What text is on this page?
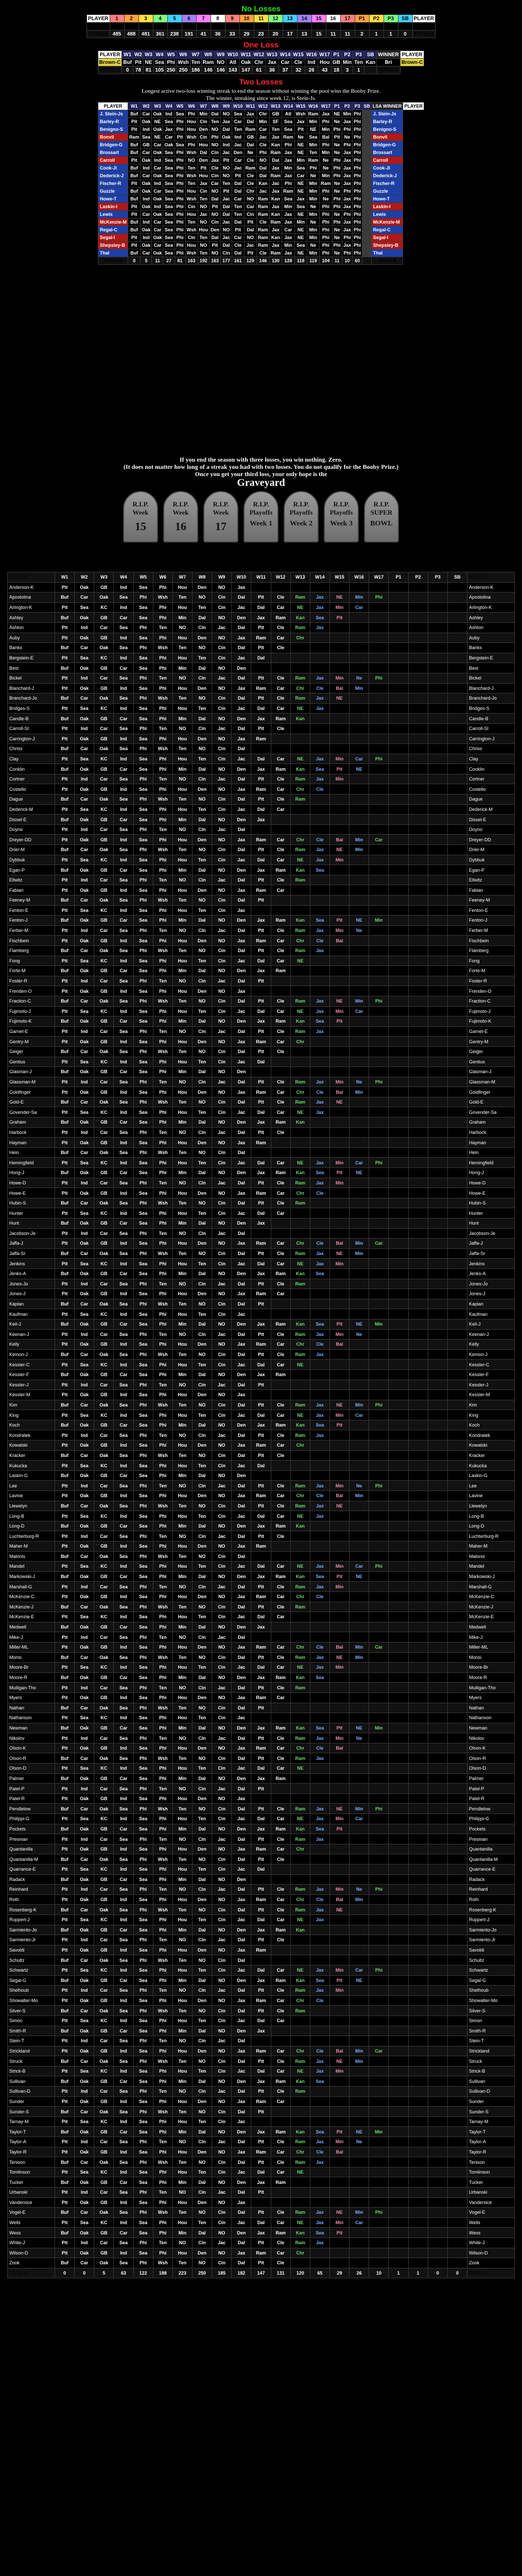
No Losses
PLAYER	1	2	3	4	5	6	7	8	9	10	11	12	13	14	15	16	17	P1	P2	P3	SB	PLAYER

TOTALS	485	488	481	361	238	191	41	36	33	29	23	20	17	13	15	11	11	2	1	1	0	TOTALS
One Loss
PLAYER	W1	W2	W3	W4	W5	W6	W7	W8	W9	W10	W11	W12	W13	W14	W15	W16	W17	P1	P2	P3	SB	WINNER	PLAYER
Brown-C	Buf	Pit	NE	Sea	Phi	Wsh	Ten	Ram	NO	Atl	Oak	Chr	Jax	Car	Cle	Ind	Hou	GB	Min	Ten	Kan	Bri	Brown-C
TOTALS	0	78	81	105	250	250	186	146	146	143	147	61	36	37	32	26	43	18	3	1		TOTALS	
Two Losses
Longest active two-loss winning streak to end the season without winning the pool wins the Booby Prize.
The winner, streaking since week 12, is Stein-Js.
PLAYER	W1	W2	W3	W4	W5	W6	W7	W8	W9	W10	W11	W12	W13	W14	W15	W16	W17	P1	P2	P3	SB	LSA WINNER	PLAYER
J. Stein-Js	Buf	Car	Oak	Ind	Sea	Phi	Min	Dal	NO	Sea	Jax	Chr	GB	Atl	Wsh	Ram	Jax	NE	Min	Phi		J. Stein-Js	
Barley-R	Pit	Oak	NE	Sea	Phi	Hou	Cin	Ten	Jax	Car	Dal	Min	SF	Sea	Jax	Min	Phi	Ne	Jax	Phi		Barley-R	
Benigno-S	Pit	Ind	Oak	Jax	Phi	Hou	Den	NO	Dal	Ten	Ram	Car	Ten	Sea	Pit	NE	Min	Phi	Phi	Phi		Benigno-S	
Bonvil	Ram	Sea	NE	Car	Pit	Wsh	Cin	Phi	Oak	Ind	GB	Jac	Jax	Ram	Ne	Sea	Bal	Pit	Ne	Phi		Bonvil	
Bridgen-G	Buf	GB	Car	Oak	Sea	Phi	Hou	NO	Ind	Jac	Dal	Cle	Kan	Phi	NE	Min	Phi	Ne	Phi	Phi		Bridgen-G	
Brossart	Buf	Car	Oak	Sea	Phi	Wsh	Dal	Cin	Jac	Den	Ne	Phi	Ram	Jax	NE	Ten	Min	Ne	Jax	Phi		Brossart	
Carroll	Pit	Oak	Ind	Sea	Phi	NO	Den	Jax	Pit	Car	Cle	NO	Dal	Jax	Min	Ram	Ne	Phi	Jax	Phi		Carroll	
Cook-Ji	Buf	Ind	Car	Sea	Phi	Ten	Pit	Cle	NO	Jac	Ram	Dal	Jax	Min	Sea	Phi	Ne	Phi	Jax	Phi		Cook-Ji	
Dederick-J	Buf	Car	Oak	Sea	Phi	Wsh	Hou	Cin	NO	Pit	Cle	Dal	Ram	Jax	Car	Ne	Min	Phi	Jax	Phi		Dederick-J	
Fischer-R	Pit	Oak	Ind	Sea	Phi	Ten	Jax	Car	Ten	Dal	Cle	Kan	Jac	Phi	NE	Min	Ram	Ne	Jax	Phi		Fischer-R	
Guzzle	Buf	Oak	Car	Sea	Phi	Hou	Cin	NO	Pit	Dal	Chr	Jac	Jax	Ram	NE	Min	Phi	Ne	Phi	Phi		Guzzle	
Howe-T	Buf	Ind	Oak	Sea	Phi	Wsh	Ten	Dal	Jac	Car	NO	Ram	Kan	Sea	Jax	Min	Ne	Phi	Jax	Phi		Howe-T	
Laskin-I	Pit	Oak	Ind	Sea	Phi	Cin	NO	Pit	Dal	Ten	Car	Ram	Jax	Min	Sea	Ne	Phi	Phi	Jax	Phi		Laskin-I	
Lewis	Pit	Car	Oak	Sea	Phi	Hou	Jac	NO	Dal	Ten	Cin	Ram	Kan	Jax	NE	Min	Phi	Ne	Phi	Phi		Lewis	
McKenzie-M	Buf	Ind	Car	Sea	Phi	Ten	NO	Cin	Jac	Dal	Pit	Cle	Ram	Jax	Min	Ne	Phi	Phi	Jax	Phi		McKenzie-M	
Regal-C	Buf	Oak	Car	Sea	Phi	Wsh	Hou	Den	NO	Pit	Dal	Ram	Jax	Car	NE	Min	Phi	Ne	Jax	Phi		Regal-C	
Segal-I	Pit	Ind	Oak	Sea	Phi	Cin	Ten	Dal	Jac	Car	NO	Ram	Kan	Jax	NE	Min	Phi	Ne	Phi	Phi		Segal-I	
Shepsley-B	Pit	Oak	Car	Sea	Phi	Hou	NO	Pit	Dal	Cle	Jac	Ram	Jax	Min	Sea	Ne	Phi	Phi	Jax	Phi		Shepsley-B	
Thal	Buf	Car	Oak	Sea	Phi	Wsh	Ten	NO	Cin	Dal	Pit	Cle	Ram	Jax	NE	Min	Phi	Ne	Phi	Phi		Thal	
TOTALS	0	5	11	27	81	163	192	163	177	161	129	146	130	128	118	119	104	11	10	60		TOTALS	
If you end the season with three losses, you win nothing. Zero.
(It does not matter how long of a streak you had with two losses. You do not qualify for the Booby Prize.)
Once you get your third loss, your only hope is the
Graveyard
R.I.P.
Week
15
R.I.P.
Week
16
R.I.P.
Week
17
R.I.P.
Playoffs
Week 1
R.I.P.
Playoffs
Week 2
R.I.P.
Playoffs
Week 3
R.I.P.
SUPER
BOWL
PLAYER	W1	W2	W3	W4	W5	W6	W7	W8	W9	W10	W11	W12	W13	W14	W15	W16	W17	P1	P2	P3	SB	PLAYER
Anderson-K	Pit	Oak	GB	Ind	Sea	Phi	Hou	Den	NO	Jax												Anderson-K
Apostolina	Buf	Car	Oak	Sea	Phi	Wsh	Ten	NO	Cin	Dal	Pit	Cle	Ram	Jax	NE	Min	Phi					Apostolina
Arlington-K	Pit	Sea	KC	Ind	Sea	Phi	Hou	Ten	Cin	Jac	Dal	Car	NE	Jax	Min	Car						Arlington-K
Ashley	Buf	Oak	GB	Car	Sea	Phi	Min	Dal	NO	Den	Jax	Ram	Kan	Sea	Pit							Ashley
Ashton	Pit	Ind	Car	Sea	Phi	Ten	NO	Cin	Jac	Dal	Pit	Cle	Ram	Jax								Ashton
Auby	Pit	Oak	GB	Ind	Sea	Phi	Hou	Den	NO	Jax	Ram	Car	Chr									Auby
Banks	Buf	Car	Oak	Sea	Phi	Wsh	Ten	NO	Cin	Dal	Pit	Cle										Banks
Bergstein-E	Pit	Sea	KC	Ind	Sea	Phi	Hou	Ten	Cin	Jac	Dal											Bergstein-E
Best	Buf	Oak	GB	Car	Sea	Phi	Min	Dal	NO	Den												Best
Bickel	Pit	Ind	Car	Sea	Phi	Ten	NO	Cin	Jac	Dal	Pit	Cle	Ram	Jax	Min	Ne	Phi					Bickel
Blanchard-J	Pit	Oak	GB	Ind	Sea	Phi	Hou	Den	NO	Jax	Ram	Car	Chr	Cle	Bal	Min						Blanchard-J
Branchard-Jo	Buf	Car	Oak	Sea	Phi	Wsh	Ten	NO	Cin	Dal	Pit	Cle	Ram	Jax	NE							Branchard-Jo
Bridges-S	Pit	Sea	KC	Ind	Sea	Phi	Hou	Ten	Cin	Jac	Dal	Car	NE	Jax								Bridges-S
Candle-B	Buf	Oak	GB	Car	Sea	Phi	Min	Dal	NO	Den	Jax	Ram	Kan									Candle-B
Carroll-SI	Pit	Ind	Car	Sea	Phi	Ten	NO	Cin	Jac	Dal	Pit	Cle										Carroll-SI
Carrington-J	Pit	Oak	GB	Ind	Sea	Phi	Hou	Den	NO	Jax	Ram											Carrington-J
Chriss	Buf	Car	Oak	Sea	Phi	Wsh	Ten	NO	Cin	Dal												Chriss
Clay	Pit	Sea	KC	Ind	Sea	Phi	Hou	Ten	Cin	Jac	Dal	Car	NE	Jax	Min	Car	Phi					Clay
Conklin	Buf	Oak	GB	Car	Sea	Phi	Min	Dal	NO	Den	Jax	Ram	Kan	Sea	Pit	NE						Conklin
Cortner	Pit	Ind	Car	Sea	Phi	Ten	NO	Cin	Jac	Dal	Pit	Cle	Ram	Jax	Min							Cortner
Costello	Pit	Oak	GB	Ind	Sea	Phi	Hou	Den	NO	Jax	Ram	Car	Chr	Cle								Costello
Dague	Buf	Car	Oak	Sea	Phi	Wsh	Ten	NO	Cin	Dal	Pit	Cle	Ram									Dague
Dederick-M	Pit	Sea	KC	Ind	Sea	Phi	Hou	Ten	Cin	Jac	Dal	Car										Dederick-M
Dissel-E	Buf	Oak	GB	Car	Sea	Phi	Min	Dal	NO	Den	Jax											Dissel-E
Doyno	Pit	Ind	Car	Sea	Phi	Ten	NO	Cin	Jac	Dal												Doyno
Dreyer-DD	Pit	Oak	GB	Ind	Sea	Phi	Hou	Den	NO	Jax	Ram	Car	Chr	Cle	Bal	Min	Car					Dreyer-DD
Drier-M	Buf	Car	Oak	Sea	Phi	Wsh	Ten	NO	Cin	Dal	Pit	Cle	Ram	Jax	NE	Min						Drier-M
Dybbuk	Pit	Sea	KC	Ind	Sea	Phi	Hou	Ten	Cin	Jac	Dal	Car	NE	Jax	Min							Dybbuk
Egan-P	Buf	Oak	GB	Car	Sea	Phi	Min	Dal	NO	Den	Jax	Ram	Kan	Sea								Egan-P
Ellwitz	Pit	Ind	Car	Sea	Phi	Ten	NO	Cin	Jac	Dal	Pit	Cle	Ram									Ellwitz
Fabian	Pit	Oak	GB	Ind	Sea	Phi	Hou	Den	NO	Jax	Ram	Car										Fabian
Feeney-M	Buf	Car	Oak	Sea	Phi	Wsh	Ten	NO	Cin	Dal	Pit											Feeney-M
Fenton-E	Pit	Sea	KC	Ind	Sea	Phi	Hou	Ten	Cin	Jac												Fenton-E
Fenton-J	Buf	Oak	GB	Car	Sea	Phi	Min	Dal	NO	Den	Jax	Ram	Kan	Sea	Pit	NE	Min					Fenton-J
Ferber-M	Pit	Ind	Car	Sea	Phi	Ten	NO	Cin	Jac	Dal	Pit	Cle	Ram	Jax	Min	Ne						Ferber-M
Fischbein	Pit	Oak	GB	Ind	Sea	Phi	Hou	Den	NO	Jax	Ram	Car	Chr	Cle	Bal							Fischbein
Flamberg	Buf	Car	Oak	Sea	Phi	Wsh	Ten	NO	Cin	Dal	Pit	Cle	Ram	Jax								Flamberg
Fong	Pit	Sea	KC	Ind	Sea	Phi	Hou	Ten	Cin	Jac	Dal	Car	NE									Fong
Forte-M	Buf	Oak	GB	Car	Sea	Phi	Min	Dal	NO	Den	Jax	Ram										Forte-M
Foster-R	Pit	Ind	Car	Sea	Phi	Ten	NO	Cin	Jac	Dal	Pit											Foster-R
Frenden-O	Pit	Oak	GB	Ind	Sea	Phi	Hou	Den	NO	Jax												Frenden-O
Fraction-C	Buf	Car	Oak	Sea	Phi	Wsh	Ten	NO	Cin	Dal	Pit	Cle	Ram	Jax	NE	Min	Phi					Fraction-C
Fujimoto-J	Pit	Sea	KC	Ind	Sea	Phi	Hou	Ten	Cin	Jac	Dal	Car	NE	Jax	Min	Car						Fujimoto-J
Fujimoto-K	Buf	Oak	GB	Car	Sea	Phi	Min	Dal	NO	Den	Jax	Ram	Kan	Sea	Pit							Fujimoto-K
Garnet-E	Pit	Ind	Car	Sea	Phi	Ten	NO	Cin	Jac	Dal	Pit	Cle	Ram	Jax								Garnet-E
Gentry-M	Pit	Oak	GB	Ind	Sea	Phi	Hou	Den	NO	Jax	Ram	Car	Chr									Gentry-M
Geiger	Buf	Car	Oak	Sea	Phi	Wsh	Ten	NO	Cin	Dal	Pit	Cle										Geiger
Gentius	Pit	Sea	KC	Ind	Sea	Phi	Hou	Ten	Cin	Jac	Dal											Gentius
Glasman-J	Buf	Oak	GB	Car	Sea	Phi	Min	Dal	NO	Den												Glasman-J
Glassman-M	Pit	Ind	Car	Sea	Phi	Ten	NO	Cin	Jac	Dal	Pit	Cle	Ram	Jax	Min	Ne	Phi					Glassman-M
Goldfinger	Pit	Oak	GB	Ind	Sea	Phi	Hou	Den	NO	Jax	Ram	Car	Chr	Cle	Bal	Min						Goldfinger
Gold-E	Buf	Car	Oak	Sea	Phi	Wsh	Ten	NO	Cin	Dal	Pit	Cle	Ram	Jax	NE							Gold-E
Govender-Sa	Pit	Sea	KC	Ind	Sea	Phi	Hou	Ten	Cin	Jac	Dal	Car	NE	Jax								Govender-Sa
Graham	Buf	Oak	GB	Car	Sea	Phi	Min	Dal	NO	Den	Jax	Ram	Kan									Graham
Harbock	Pit	Ind	Car	Sea	Phi	Ten	NO	Cin	Jac	Dal	Pit	Cle										Harbock
Hayman	Pit	Oak	GB	Ind	Sea	Phi	Hou	Den	NO	Jax	Ram											Hayman
Hein	Buf	Car	Oak	Sea	Phi	Wsh	Ten	NO	Cin	Dal												Hein
Hemingfield	Pit	Sea	KC	Ind	Sea	Phi	Hou	Ten	Cin	Jac	Dal	Car	NE	Jax	Min	Car	Phi					Hemingfield
Hong-J	Buf	Oak	GB	Car	Sea	Phi	Min	Dal	NO	Den	Jax	Ram	Kan	Sea	Pit	NE						Hong-J
Howe-D	Pit	Ind	Car	Sea	Phi	Ten	NO	Cin	Jac	Dal	Pit	Cle	Ram	Jax	Min							Howe-D
Howe-E	Pit	Oak	GB	Ind	Sea	Phi	Hou	Den	NO	Jax	Ram	Car	Chr	Cle								Howe-E
Hubin-S	Buf	Car	Oak	Sea	Phi	Wsh	Ten	NO	Cin	Dal	Pit	Cle	Ram									Hubin-S
Hunter	Pit	Sea	KC	Ind	Sea	Phi	Hou	Ten	Cin	Jac	Dal	Car										Hunter
Hunt	Buf	Oak	GB	Car	Sea	Phi	Min	Dal	NO	Den	Jax											Hunt
Jacobson-Je	Pit	Ind	Car	Sea	Phi	Ten	NO	Cin	Jac	Dal												Jacobson-Je
Jaffa-J	Pit	Oak	GB	Ind	Sea	Phi	Hou	Den	NO	Jax	Ram	Car	Chr	Cle	Bal	Min	Car					Jaffa-J
Jaffa-Sr	Buf	Car	Oak	Sea	Phi	Wsh	Ten	NO	Cin	Dal	Pit	Cle	Ram	Jax	NE	Min						Jaffa-Sr
Jenkins	Pit	Sea	KC	Ind	Sea	Phi	Hou	Ten	Cin	Jac	Dal	Car	NE	Jax	Min							Jenkins
Jenks-A	Buf	Oak	GB	Car	Sea	Phi	Min	Dal	NO	Den	Jax	Ram	Kan	Sea								Jenks-A
Jones-Jo	Pit	Ind	Car	Sea	Phi	Ten	NO	Cin	Jac	Dal	Pit	Cle	Ram									Jones-Jo
Jones-J	Pit	Oak	GB	Ind	Sea	Phi	Hou	Den	NO	Jax	Ram	Car										Jones-J
Kaplan	Buf	Car	Oak	Sea	Phi	Wsh	Ten	NO	Cin	Dal	Pit											Kaplan
Kaufman	Pit	Sea	KC	Ind	Sea	Phi	Hou	Ten	Cin	Jac												Kaufman
Keil-J	Buf	Oak	GB	Car	Sea	Phi	Min	Dal	NO	Den	Jax	Ram	Kan	Sea	Pit	NE	Min					Keil-J
Keenan-J	Pit	Ind	Car	Sea	Phi	Ten	NO	Cin	Jac	Dal	Pit	Cle	Ram	Jax	Min	Ne						Keenan-J
Kelly	Pit	Oak	GB	Ind	Sea	Phi	Hou	Den	NO	Jax	Ram	Car	Chr	Cle	Bal							Kelly
Kemon-J	Buf	Car	Oak	Sea	Phi	Wsh	Ten	NO	Cin	Dal	Pit	Cle	Ram	Jax								Kemon-J
Kessler-C	Pit	Sea	KC	Ind	Sea	Phi	Hou	Ten	Cin	Jac	Dal	Car	NE									Kessler-C
Kessler-F	Buf	Oak	GB	Car	Sea	Phi	Min	Dal	NO	Den	Jax	Ram										Kessler-F
Kessler-J	Pit	Ind	Car	Sea	Phi	Ten	NO	Cin	Jac	Dal	Pit											Kessler-J
Kessler-M	Pit	Oak	GB	Ind	Sea	Phi	Hou	Den	NO	Jax												Kessler-M
Kim	Buf	Car	Oak	Sea	Phi	Wsh	Ten	NO	Cin	Dal	Pit	Cle	Ram	Jax	NE	Min	Phi					Kim
King	Pit	Sea	KC	Ind	Sea	Phi	Hou	Ten	Cin	Jac	Dal	Car	NE	Jax	Min	Car						King
Koch	Buf	Oak	GB	Car	Sea	Phi	Min	Dal	NO	Den	Jax	Ram	Kan	Sea	Pit							Koch
Kondratek	Pit	Ind	Car	Sea	Phi	Ten	NO	Cin	Jac	Dal	Pit	Cle	Ram	Jax								Kondratek
Kowalski	Pit	Oak	GB	Ind	Sea	Phi	Hou	Den	NO	Jax	Ram	Car	Chr									Kowalski
Kracker	Buf	Car	Oak	Sea	Phi	Wsh	Ten	NO	Cin	Dal	Pit	Cle										Kracker
Kukucka	Pit	Sea	KC	Ind	Sea	Phi	Hou	Ten	Cin	Jac	Dal											Kukucka
Laskin-G	Buf	Oak	GB	Car	Sea	Phi	Min	Dal	NO	Den												Laskin-G
Lee	Pit	Ind	Car	Sea	Phi	Ten	NO	Cin	Jac	Dal	Pit	Cle	Ram	Jax	Min	Ne	Phi					Lee
Lavine	Pit	Oak	GB	Ind	Sea	Phi	Hou	Den	NO	Jax	Ram	Car	Chr	Cle	Bal	Min						Lavine
Llewelyn	Buf	Car	Oak	Sea	Phi	Wsh	Ten	NO	Cin	Dal	Pit	Cle	Ram	Jax	NE							Llewelyn
Long-B	Pit	Sea	KC	Ind	Sea	Phi	Hou	Ten	Cin	Jac	Dal	Car	NE	Jax								Long-B
Long-D	Buf	Oak	GB	Car	Sea	Phi	Min	Dal	NO	Den	Jax	Ram	Kan									Long-D
Luchterburg-R	Pit	Ind	Car	Sea	Phi	Ten	NO	Cin	Jac	Dal	Pit	Cle										Luchterburg-R
Maher-M	Pit	Oak	GB	Ind	Sea	Phi	Hou	Den	NO	Jax	Ram											Maher-M
Malonis	Buf	Car	Oak	Sea	Phi	Wsh	Ten	NO	Cin	Dal												Malonis
Mandel	Pit	Sea	KC	Ind	Sea	Phi	Hou	Ten	Cin	Jac	Dal	Car	NE	Jax	Min	Car	Phi					Mandel
Markowski-J	Buf	Oak	GB	Car	Sea	Phi	Min	Dal	NO	Den	Jax	Ram	Kan	Sea	Pit	NE						Markowski-J
Marshall-G	Pit	Ind	Car	Sea	Phi	Ten	NO	Cin	Jac	Dal	Pit	Cle	Ram	Jax	Min							Marshall-G
McKenzie-C	Pit	Oak	GB	Ind	Sea	Phi	Hou	Den	NO	Jax	Ram	Car	Chr	Cle								McKenzie-C
McKenzie-J	Buf	Car	Oak	Sea	Phi	Wsh	Ten	NO	Cin	Dal	Pit	Cle	Ram									McKenzie-J
McKenzie-E	Pit	Sea	KC	Ind	Sea	Phi	Hou	Ten	Cin	Jac	Dal	Car										McKenzie-E
Medwell	Buf	Oak	GB	Car	Sea	Phi	Min	Dal	NO	Den	Jax											Medwell
Mike-J	Pit	Ind	Car	Sea	Phi	Ten	NO	Cin	Jac	Dal												Mike-J
Miller-ML	Pit	Oak	GB	Ind	Sea	Phi	Hou	Den	NO	Jax	Ram	Car	Chr	Cle	Bal	Min	Car					Miller-ML
Morisi	Buf	Car	Oak	Sea	Phi	Wsh	Ten	NO	Cin	Dal	Pit	Cle	Ram	Jax	NE	Min						Morisi
Moore-Br	Pit	Sea	KC	Ind	Sea	Phi	Hou	Ten	Cin	Jac	Dal	Car	NE	Jax	Min							Moore-Br
Moore-R	Buf	Oak	GB	Car	Sea	Phi	Min	Dal	NO	Den	Jax	Ram	Kan	Sea								Moore-R
Mulligan-Tho	Pit	Ind	Car	Sea	Phi	Ten	NO	Cin	Jac	Dal	Pit	Cle	Ram									Mulligan-Tho
Myers	Pit	Oak	GB	Ind	Sea	Phi	Hou	Den	NO	Jax	Ram	Car										Myers
Nathan	Buf	Car	Oak	Sea	Phi	Wsh	Ten	NO	Cin	Dal	Pit											Nathan
Nathanson	Pit	Sea	KC	Ind	Sea	Phi	Hou	Ten	Cin	Jac												Nathanson
Newman	Buf	Oak	GB	Car	Sea	Phi	Min	Dal	NO	Den	Jax	Ram	Kan	Sea	Pit	NE	Min					Newman
Nikolov	Pit	Ind	Car	Sea	Phi	Ten	NO	Cin	Jac	Dal	Pit	Cle	Ram	Jax	Min	Ne						Nikolov
Olson-K	Pit	Oak	GB	Ind	Sea	Phi	Hou	Den	NO	Jax	Ram	Car	Chr	Cle	Bal							Olson-K
Olson-R	Buf	Car	Oak	Sea	Phi	Wsh	Ten	NO	Cin	Dal	Pit	Cle	Ram	Jax								Olson-R
Olson-D	Pit	Sea	KC	Ind	Sea	Phi	Hou	Ten	Cin	Jac	Dal	Car	NE									Olson-D
Palmer	Buf	Oak	GB	Car	Sea	Phi	Min	Dal	NO	Den	Jax	Ram										Palmer
Patel-P	Pit	Ind	Car	Sea	Phi	Ten	NO	Cin	Jac	Dal	Pit											Patel-P
Patel-R	Pit	Oak	GB	Ind	Sea	Phi	Hou	Den	NO	Jax												Patel-R
Pendlelow	Buf	Car	Oak	Sea	Phi	Wsh	Ten	NO	Cin	Dal	Pit	Cle	Ram	Jax	NE	Min	Phi					Pendlelow
Philippi-G	Pit	Sea	KC	Ind	Sea	Phi	Hou	Ten	Cin	Jac	Dal	Car	NE	Jax	Min	Car						Philippi-G
Pockets	Buf	Oak	GB	Car	Sea	Phi	Min	Dal	NO	Den	Jax	Ram	Kan	Sea	Pit							Pockets
Presman	Pit	Ind	Car	Sea	Phi	Ten	NO	Cin	Jac	Dal	Pit	Cle	Ram	Jax								Presman
Quantanilla	Pit	Oak	GB	Ind	Sea	Phi	Hou	Den	NO	Jax	Ram	Car	Chr									Quantanilla
Quantanilla-M	Buf	Car	Oak	Sea	Phi	Wsh	Ten	NO	Cin	Dal	Pit	Cle										Quantanilla-M
Quarrance-E	Pit	Sea	KC	Ind	Sea	Phi	Hou	Ten	Cin	Jac	Dal											Quarrance-E
Radack	Buf	Oak	GB	Car	Sea	Phi	Min	Dal	NO	Den												Radack
Reinhard	Pit	Ind	Car	Sea	Phi	Ten	NO	Cin	Jac	Dal	Pit	Cle	Ram	Jax	Min	Ne	Phi					Reinhard
Roth	Pit	Oak	GB	Ind	Sea	Phi	Hou	Den	NO	Jax	Ram	Car	Chr	Cle	Bal	Min						Roth
Rosenberg-K	Buf	Car	Oak	Sea	Phi	Wsh	Ten	NO	Cin	Dal	Pit	Cle	Ram	Jax	NE							Rosenberg-K
Ruppert-J	Pit	Sea	KC	Ind	Sea	Phi	Hou	Ten	Cin	Jac	Dal	Car	NE	Jax								Ruppert-J
Sarmiento-Jo	Buf	Oak	GB	Car	Sea	Phi	Min	Dal	NO	Den	Jax	Ram	Kan									Sarmiento-Jo
Sarmiento-Jr	Pit	Ind	Car	Sea	Phi	Ten	NO	Cin	Jac	Dal	Pit	Cle										Sarmiento-Jr
Savoldi	Pit	Oak	GB	Ind	Sea	Phi	Hou	Den	NO	Jax	Ram											Savoldi
Schultz	Buf	Car	Oak	Sea	Phi	Wsh	Ten	NO	Cin	Dal												Schultz
Schwartz	Pit	Sea	KC	Ind	Sea	Phi	Hou	Ten	Cin	Jac	Dal	Car	NE	Jax	Min	Car	Phi					Schwartz
Segal-G	Buf	Oak	GB	Car	Sea	Phi	Min	Dal	NO	Den	Jax	Ram	Kan	Sea	Pit	NE						Segal-G
Shelhoub	Pit	Ind	Car	Sea	Phi	Ten	NO	Cin	Jac	Dal	Pit	Cle	Ram	Jax	Min							Shelhoub
Showalter-Mo	Pit	Oak	GB	Ind	Sea	Phi	Hou	Den	NO	Jax	Ram	Car	Chr	Cle								Showalter-Mo
Silver-S	Buf	Car	Oak	Sea	Phi	Wsh	Ten	NO	Cin	Dal	Pit	Cle	Ram									Silver-S
Simon	Pit	Sea	KC	Ind	Sea	Phi	Hou	Ten	Cin	Jac	Dal	Car										Simon
Smith-R	Buf	Oak	GB	Car	Sea	Phi	Min	Dal	NO	Den	Jax											Smith-R
Stein-T	Pit	Ind	Car	Sea	Phi	Ten	NO	Cin	Jac	Dal												Stein-T
Strickland	Pit	Oak	GB	Ind	Sea	Phi	Hou	Den	NO	Jax	Ram	Car	Chr	Cle	Bal	Min	Car					Strickland
Struck	Buf	Car	Oak	Sea	Phi	Wsh	Ten	NO	Cin	Dal	Pit	Cle	Ram	Jax	NE	Min						Struck
Strick-B	Pit	Sea	KC	Ind	Sea	Phi	Hou	Ten	Cin	Jac	Dal	Car	NE	Jax	Min							Strick-B
Sullivan	Buf	Oak	GB	Car	Sea	Phi	Min	Dal	NO	Den	Jax	Ram	Kan	Sea								Sullivan
Sullivan-D	Pit	Ind	Car	Sea	Phi	Ten	NO	Cin	Jac	Dal	Pit	Cle	Ram									Sullivan-D
Sunder	Pit	Oak	GB	Ind	Sea	Phi	Hou	Den	NO	Jax	Ram	Car										Sunder
Sunder-S	Buf	Car	Oak	Sea	Phi	Wsh	Ten	NO	Cin	Dal	Pit											Sunder-S
Tarnay-M	Pit	Sea	KC	Ind	Sea	Phi	Hou	Ten	Cin	Jac												Tarnay-M
Taylor-T	Buf	Oak	GB	Car	Sea	Phi	Min	Dal	NO	Den	Jax	Ram	Kan	Sea	Pit	NE	Min					Taylor-T
Taylor-A	Pit	Ind	Car	Sea	Phi	Ten	NO	Cin	Jac	Dal	Pit	Cle	Ram	Jax	Min	Ne						Taylor-A
Taylor-R	Pit	Oak	GB	Ind	Sea	Phi	Hou	Den	NO	Jax	Ram	Car	Chr	Cle	Bal							Taylor-R
Tenison	Buf	Car	Oak	Sea	Phi	Wsh	Ten	NO	Cin	Dal	Pit	Cle	Ram	Jax								Tenison
Tomlinson	Pit	Sea	KC	Ind	Sea	Phi	Hou	Ten	Cin	Jac	Dal	Car	NE									Tomlinson
Tucker	Buf	Oak	GB	Car	Sea	Phi	Min	Dal	NO	Den	Jax	Ram										Tucker
Urbanski	Pit	Ind	Car	Sea	Phi	Ten	NO	Cin	Jac	Dal	Pit											Urbanski
Vandersice	Pit	Oak	GB	Ind	Sea	Phi	Hou	Den	NO	Jax												Vandersice
Vogel-E	Buf	Car	Oak	Sea	Phi	Wsh	Ten	NO	Cin	Dal	Pit	Cle	Ram	Jax	NE	Min	Phi					Vogel-E
Wells	Pit	Sea	KC	Ind	Sea	Phi	Hou	Ten	Cin	Jac	Dal	Car	NE	Jax	Min	Car						Wells
Wess	Buf	Oak	GB	Car	Sea	Phi	Min	Dal	NO	Den	Jax	Ram	Kan	Sea	Pit							Wess
White-J	Pit	Ind	Car	Sea	Phi	Ten	NO	Cin	Jac	Dal	Pit	Cle	Ram	Jax								White-J
Wilson-D	Pit	Oak	GB	Ind	Sea	Phi	Hou	Den	NO	Jax	Ram	Car	Chr									Wilson-D
Zook	Buf	Car	Oak	Sea	Phi	Wsh	Ten	NO	Cin	Dal	Pit	Cle										Zook
TOTALS	0	0	5	63	122	188	223	250	185	182	147	131	120	65	29	26	10	1	1	0	0	TOTALS
